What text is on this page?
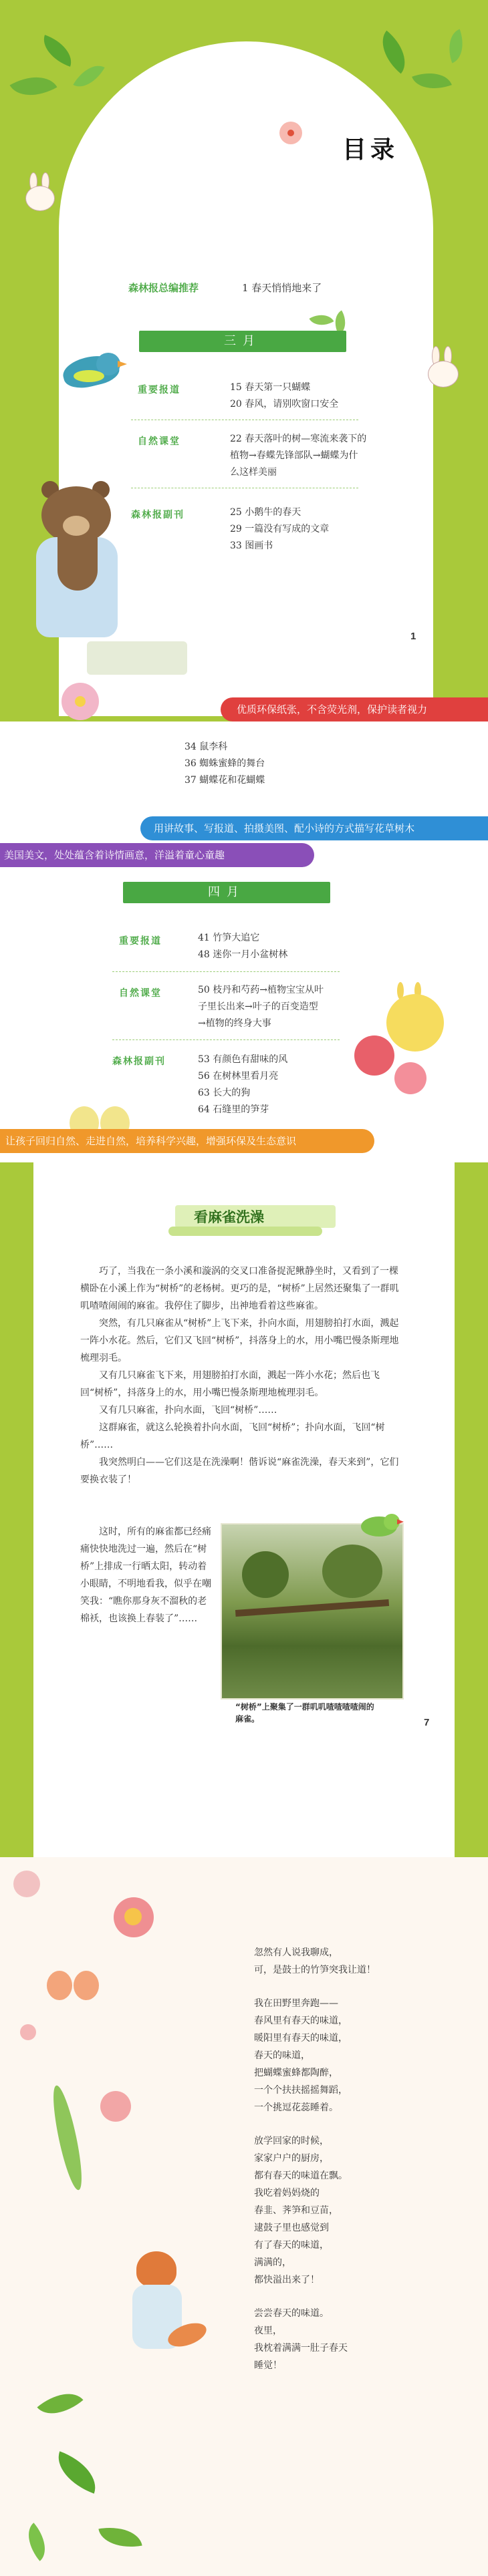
目录
森林报总编推荐	1 春天悄悄地来了
三月
重要报道	15 春天第一只蝴蝶
20 春风，请别吹窗口安全
自然课堂	22 春天落叶的树—寒流来袭下的
植物→春蝶先锋部队→蝴蝶为什
么这样美丽
森林报副刊	25 小鹅牛的春天
29 一篇没有写成的文章
33 图画书
1
优质环保纸张，不含荧光剂，保护读者视力
34 鼠李科
36 蜘蛛蜜蜂的舞台
37 蝴蝶花和花蝴蝶
四月
重要报道	41 竹笋大追它
48 迷你一月小盆树林
自然课堂	50 枝丹和芍药→植物宝宝从叶
子里长出来→叶子的百变造型
→植物的终身大事
森林报副刊	53 有颜色有甜味的风
56 在树林里看月亮
63 长大的狗
64 石缝里的笋芽
用讲故事、写报道、拍摄美图、配小诗的方式描写花草树木
美国美文，处处蕴含着诗情画意，洋溢着童心童趣
让孩子回归自然、走进自然，培养科学兴趣，增强环保及生态意识
看麻雀洗澡

巧了，当我在一条小溪和漩涡的交叉口准备捉泥鳅静坐时，又看到了一棵横卧在小溪上作为“树桥”的老杨树。更巧的是，“树桥”上居然还聚集了一群叽叽喳喳闹闹的麻雀。我停住了脚步，出神地看着这些麻雀。

突然，有几只麻雀从“树桥”上飞下来，扑向水面，用翅膀拍打水面，溅起一阵小水花。然后，它们又飞回“树桥”，抖落身上的水，用小嘴巴慢条斯理地梳理羽毛。

又有几只麻雀飞下来，用翅膀拍打水面，溅起一阵小水花；然后也飞回“树桥”，抖落身上的水，用小嘴巴慢条斯理地梳理羽毛。

又有几只麻雀，扑向水面，飞回“树桥”……

这群麻雀，就这么轮换着扑向水面，飞回“树桥”；扑向水面，飞回“树桥”……

我突然明白——它们这是在洗澡啊！偕诉说“麻雀洗澡，春天来到”，它们要换衣装了！

这时，所有的麻雀都已经痛痛快快地洗过一遍，然后在“树桥”上排成一行晒太阳，转动着小眼睛，不明地看我，似乎在嘲笑我：“瞧你那身灰不溜秋的老棉袄，也该换上春装了”……

“树桥”上聚集了一群叽叽喳喳喳喳闹的麻雀。	7
忽然有人说我聊成，
可，是鼓士的竹笋突我让道！
我在田野里奔跑——
春风里有春天的味道，
暖阳里有春天的味道，
春天的味道，
把蝴蝶蜜蜂都陶醉，
一个个扶扶摇摇舞蹈，
一个挑逗花蕊睡着。
放学回家的时候，
家家户户的厨房，
都有春天的味道在飘。
我吃着妈妈烧的
春韭、荠笋和豆苗，
逮鼓子里也感觉到
有了春天的味道，
满满的，
都快溢出来了！
尝尝春天的味道。
夜里，
我枕着满满一肚子春天
睡觉！
